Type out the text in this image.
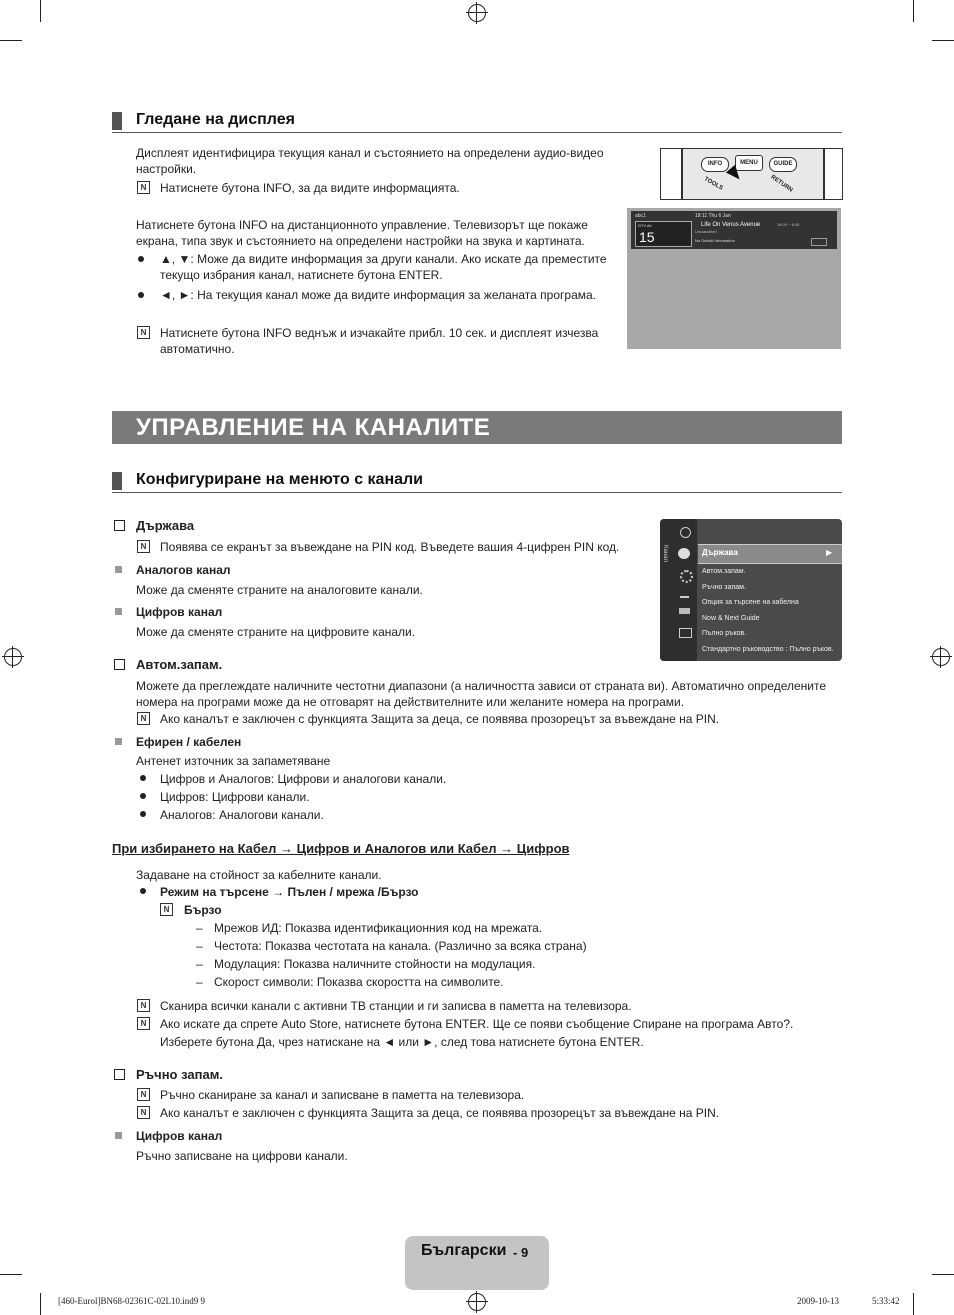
Гледане на дисплея
Дисплеят идентифицира текущия канал и състоянието на определени аудио-видео настройки.
N	Натиснете бутона INFO, за да видите информацията.
Натиснете бутона INFO на дистанционното управление. Телевизорът ще покаже екрана, типа звук и състоянието на определени настройки на звука и картината.
▲, ▼: Може да видите информация за други канали. Ако искате да преместите текущо избрания канал, натиснете бутона ENTER.
◄, ►: На текущия канал може да видите информация за желаната програма.
N	Натиснете бутона INFO веднъж и изчакайте прибл. 10 сек. и дисплеят изчезва автоматично.
INFO	MENU	GUIDE
TOOLS	RETURN
abc1
DTV Air
15
18:11 Thu 6 Jan
Life On Venus Avenue	18:00 ~ 6:00
Unclassified
No Detaild Information
УПРАВЛЕНИЕ НА КАНАЛИТЕ
Конфигуриране на менюто с канали
Канал	▶
Държава
Автом.запам.
Ръчно запам.
Опция за търсене на кабелна
Now & Next Guide
Пълно ръков.
Стандартно ръководство : Пълно ръков.
Държава
N	Появява се екранът за въвеждане на PIN код. Въведете вашия 4-цифрен PIN код.
Аналогов канал
Може да сменяте страните на аналоговите канали.
Цифров канал
Може да сменяте страните на цифровите канали.
Автом.запам.
Можете да преглеждате наличните честотни диапазони (а наличността зависи от страната ви). Автоматично определените номера на програми може да не отговарят на действителните или желаните номера на програми.
N	Ако каналът е заключен с функцията Защита за деца, се появява прозорецът за въвеждане на PIN.
Ефирен / кабелен
Антенет източник за запаметяване
Цифров и Аналогов: Цифрови и аналогови канали.
Цифров: Цифрови канали.
Аналогов: Аналогови канали.
При избирането на Кабел → Цифров и Аналогов или Кабел → Цифров
Задаване на стойност за кабелните канали.
Режим на търсене → Пълен / мрежа /Бързо
N	Бързо
– Мрежов ИД: Показва идентификационния код на мрежата.
– Честота: Показва честотата на канала. (Различно за всяка страна)
– Модулация: Показва наличните стойности на модулация.
– Скорост символи: Показва скоростта на символите.
N	Сканира всички канали с активни ТВ станции и ги записва в паметта на телевизора.
N	Ако искате да спрете Auto Store, натиснете бутона ENTER. Ще се появи съобщение Спиране на програма Авто?.
Изберете бутона Да, чрез натискане на ◄ или ►, след това натиснете бутона ENTER.
Ръчно запам.
N	Ръчно сканиране за канал и записване в паметта на телевизора.
N	Ако каналът е заключен с функцията Защита за деца, се появява прозорецът за въвеждане на PIN.
Цифров канал
Ръчно записване на цифрови канали.
Български - 9
[460-Eurol]BN68-02361C-02L10.ind9 9	2009-10-13	5:33:42
